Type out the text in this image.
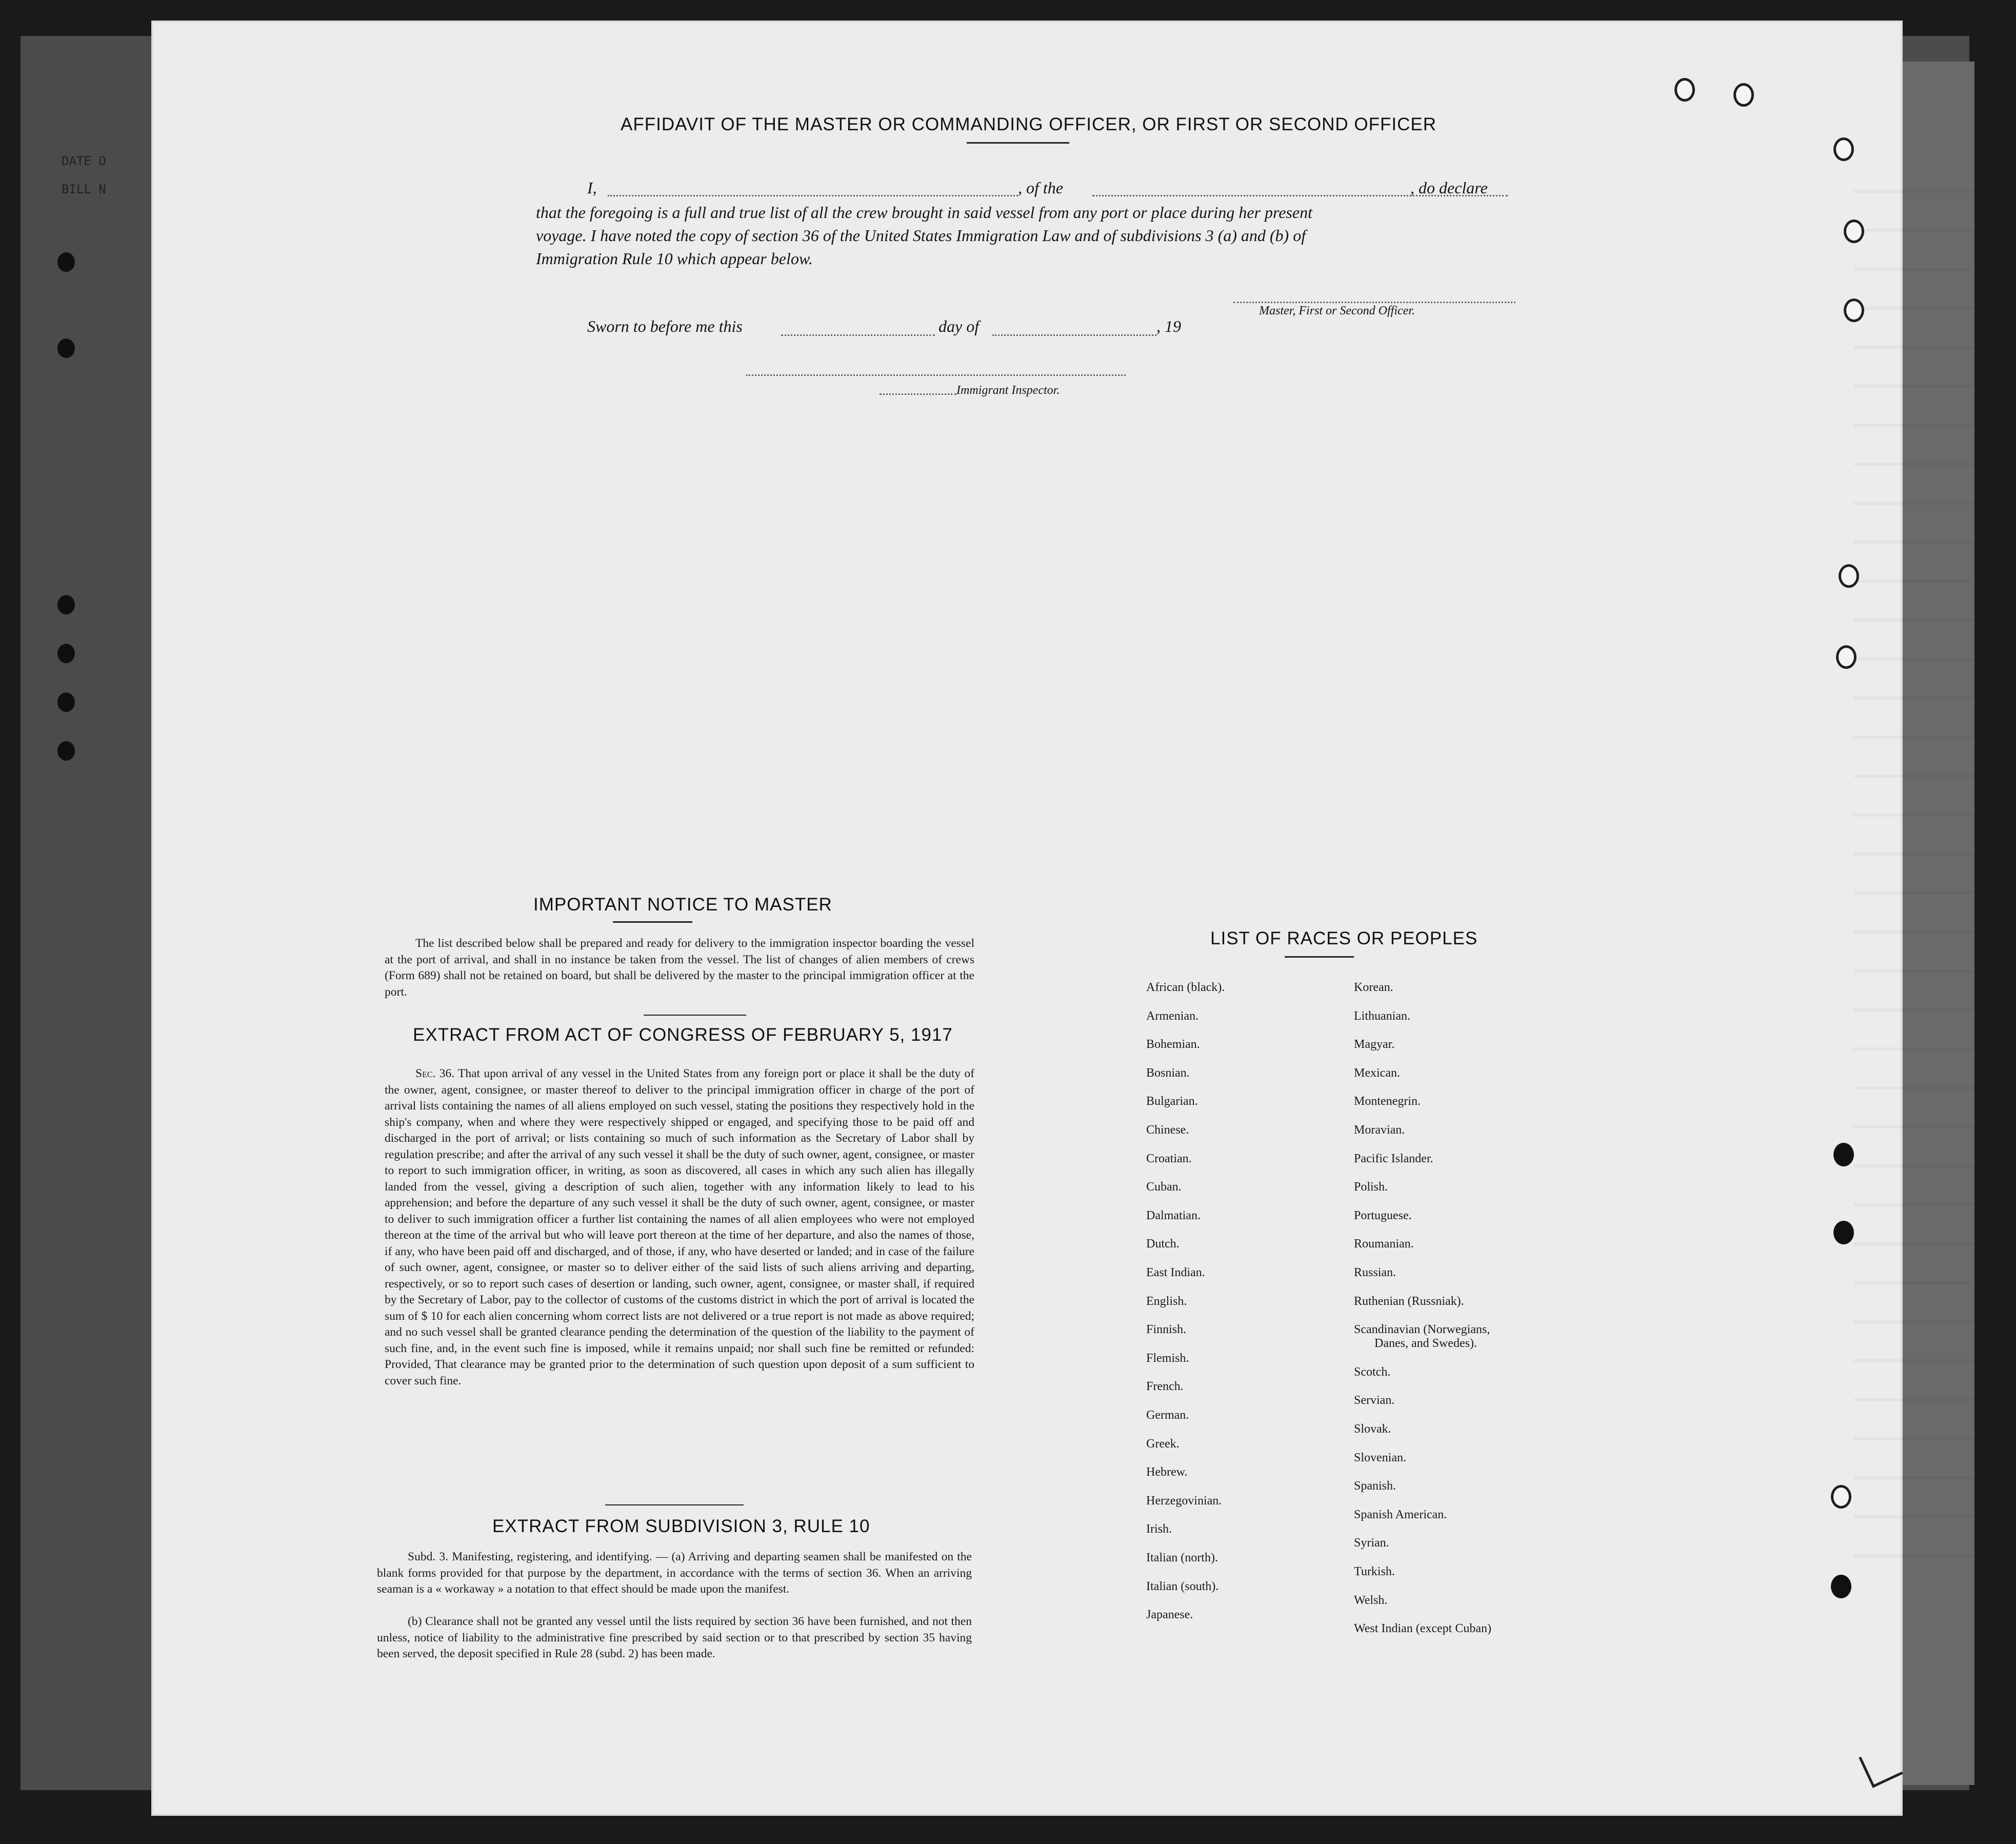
DATE O
BILL N
AFFIDAVIT OF THE MASTER OR COMMANDING OFFICER, OR FIRST OR SECOND OFFICER
I,	, of the	, do declare
that the foregoing is a full and true list of all the crew brought in said vessel from any port or place during her present
voyage. I have noted the copy of section 36 of the United States Immigration Law and of subdivisions 3 (a) and (b) of
Immigration Rule 10 which appear below.
Master, First or Second Officer.
Sworn to before me this	day of	, 19
Immigrant Inspector.
IMPORTANT NOTICE TO MASTER
The list described below shall be prepared and ready for delivery to the immigration inspector boarding the vessel at the port of arrival, and shall in no instance be taken from the vessel. The list of changes of alien members of crews (Form 689) shall not be retained on board, but shall be delivered by the master to the principal immigration officer at the port.
EXTRACT FROM ACT OF CONGRESS OF FEBRUARY 5, 1917
Sec. 36. That upon arrival of any vessel in the United States from any foreign port or place it shall be the duty of the owner, agent, consignee, or master thereof to deliver to the principal immigration officer in charge of the port of arrival lists containing the names of all aliens employed on such vessel, stating the positions they respectively hold in the ship's company, when and where they were respectively shipped or engaged, and specifying those to be paid off and discharged in the port of arrival; or lists containing so much of such information as the Secretary of Labor shall by regulation prescribe; and after the arrival of any such vessel it shall be the duty of such owner, agent, consignee, or master to report to such immigration officer, in writing, as soon as discovered, all cases in which any such alien has illegally landed from the vessel, giving a description of such alien, together with any information likely to lead to his apprehension; and before the departure of any such vessel it shall be the duty of such owner, agent, consignee, or master to deliver to such immigration officer a further list containing the names of all alien employees who were not employed thereon at the time of the arrival but who will leave port thereon at the time of her departure, and also the names of those, if any, who have been paid off and discharged, and of those, if any, who have deserted or landed; and in case of the failure of such owner, agent, consignee, or master so to deliver either of the said lists of such aliens arriving and departing, respectively, or so to report such cases of desertion or landing, such owner, agent, consignee, or master shall, if required by the Secretary of Labor, pay to the collector of customs of the customs district in which the port of arrival is located the sum of $ 10 for each alien concerning whom correct lists are not delivered or a true report is not made as above required; and no such vessel shall be granted clearance pending the determination of the question of the liability to the payment of such fine, and, in the event such fine is imposed, while it remains unpaid; nor shall such fine be remitted or refunded: Provided, That clearance may be granted prior to the determination of such question upon deposit of a sum sufficient to cover such fine.
EXTRACT FROM SUBDIVISION 3, RULE 10
Subd. 3. Manifesting, registering, and identifying. — (a) Arriving and departing seamen shall be manifested on the blank forms provided for that purpose by the department, in accordance with the terms of section 36. When an arriving seaman is a « workaway » a notation to that effect should be made upon the manifest.
(b) Clearance shall not be granted any vessel until the lists required by section 36 have been furnished, and not then unless, notice of liability to the administrative fine prescribed by said section or to that prescribed by section 35 having been served, the deposit specified in Rule 28 (subd. 2) has been made.
LIST OF RACES OR PEOPLES
African (black).
Armenian.
Bohemian.
Bosnian.
Bulgarian.
Chinese.
Croatian.
Cuban.
Dalmatian.
Dutch.
East Indian.
English.
Finnish.
Flemish.
French.
German.
Greek.
Hebrew.
Herzegovinian.
Irish.
Italian (north).
Italian (south).
Japanese.
Korean.
Lithuanian.
Magyar.
Mexican.
Montenegrin.
Moravian.
Pacific Islander.
Polish.
Portuguese.
Roumanian.
Russian.
Ruthenian (Russniak).
Scandinavian (Norwegians,
Danes, and Swedes).
Scotch.
Servian.
Slovak.
Slovenian.
Spanish.
Spanish American.
Syrian.
Turkish.
Welsh.
West Indian (except Cuban)
